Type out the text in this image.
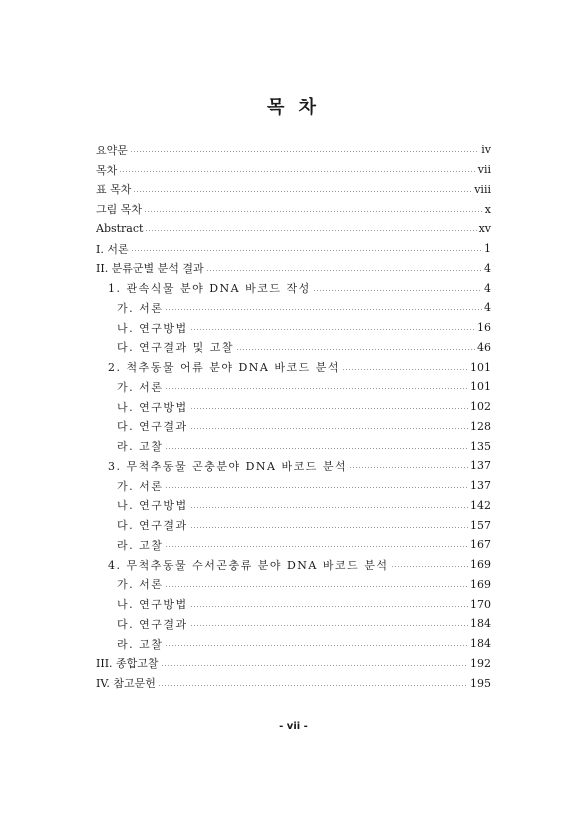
목 차
요약문	iv
목차	vii
표 목차	viii
그림 목차	x
Abstract	xv
I. 서론	1
II. 분류군별 분석 결과	4
1. 관속식물 분야 DNA 바코드 작성	4
가. 서론	4
나. 연구방법	16
다. 연구결과 및 고찰	46
2. 척추동물 어류 분야 DNA 바코드 분석	101
가. 서론	101
나. 연구방법	102
다. 연구결과	128
라. 고찰	135
3. 무척추동물 곤충분야 DNA 바코드 분석	137
가. 서론	137
나. 연구방법	142
다. 연구결과	157
라. 고찰	167
4. 무척추동물 수서곤충류 분야 DNA 바코드 분석	169
가. 서론	169
나. 연구방법	170
다. 연구결과	184
라. 고찰	184
III. 종합고찰	192
IV. 참고문헌	195
- vii -
